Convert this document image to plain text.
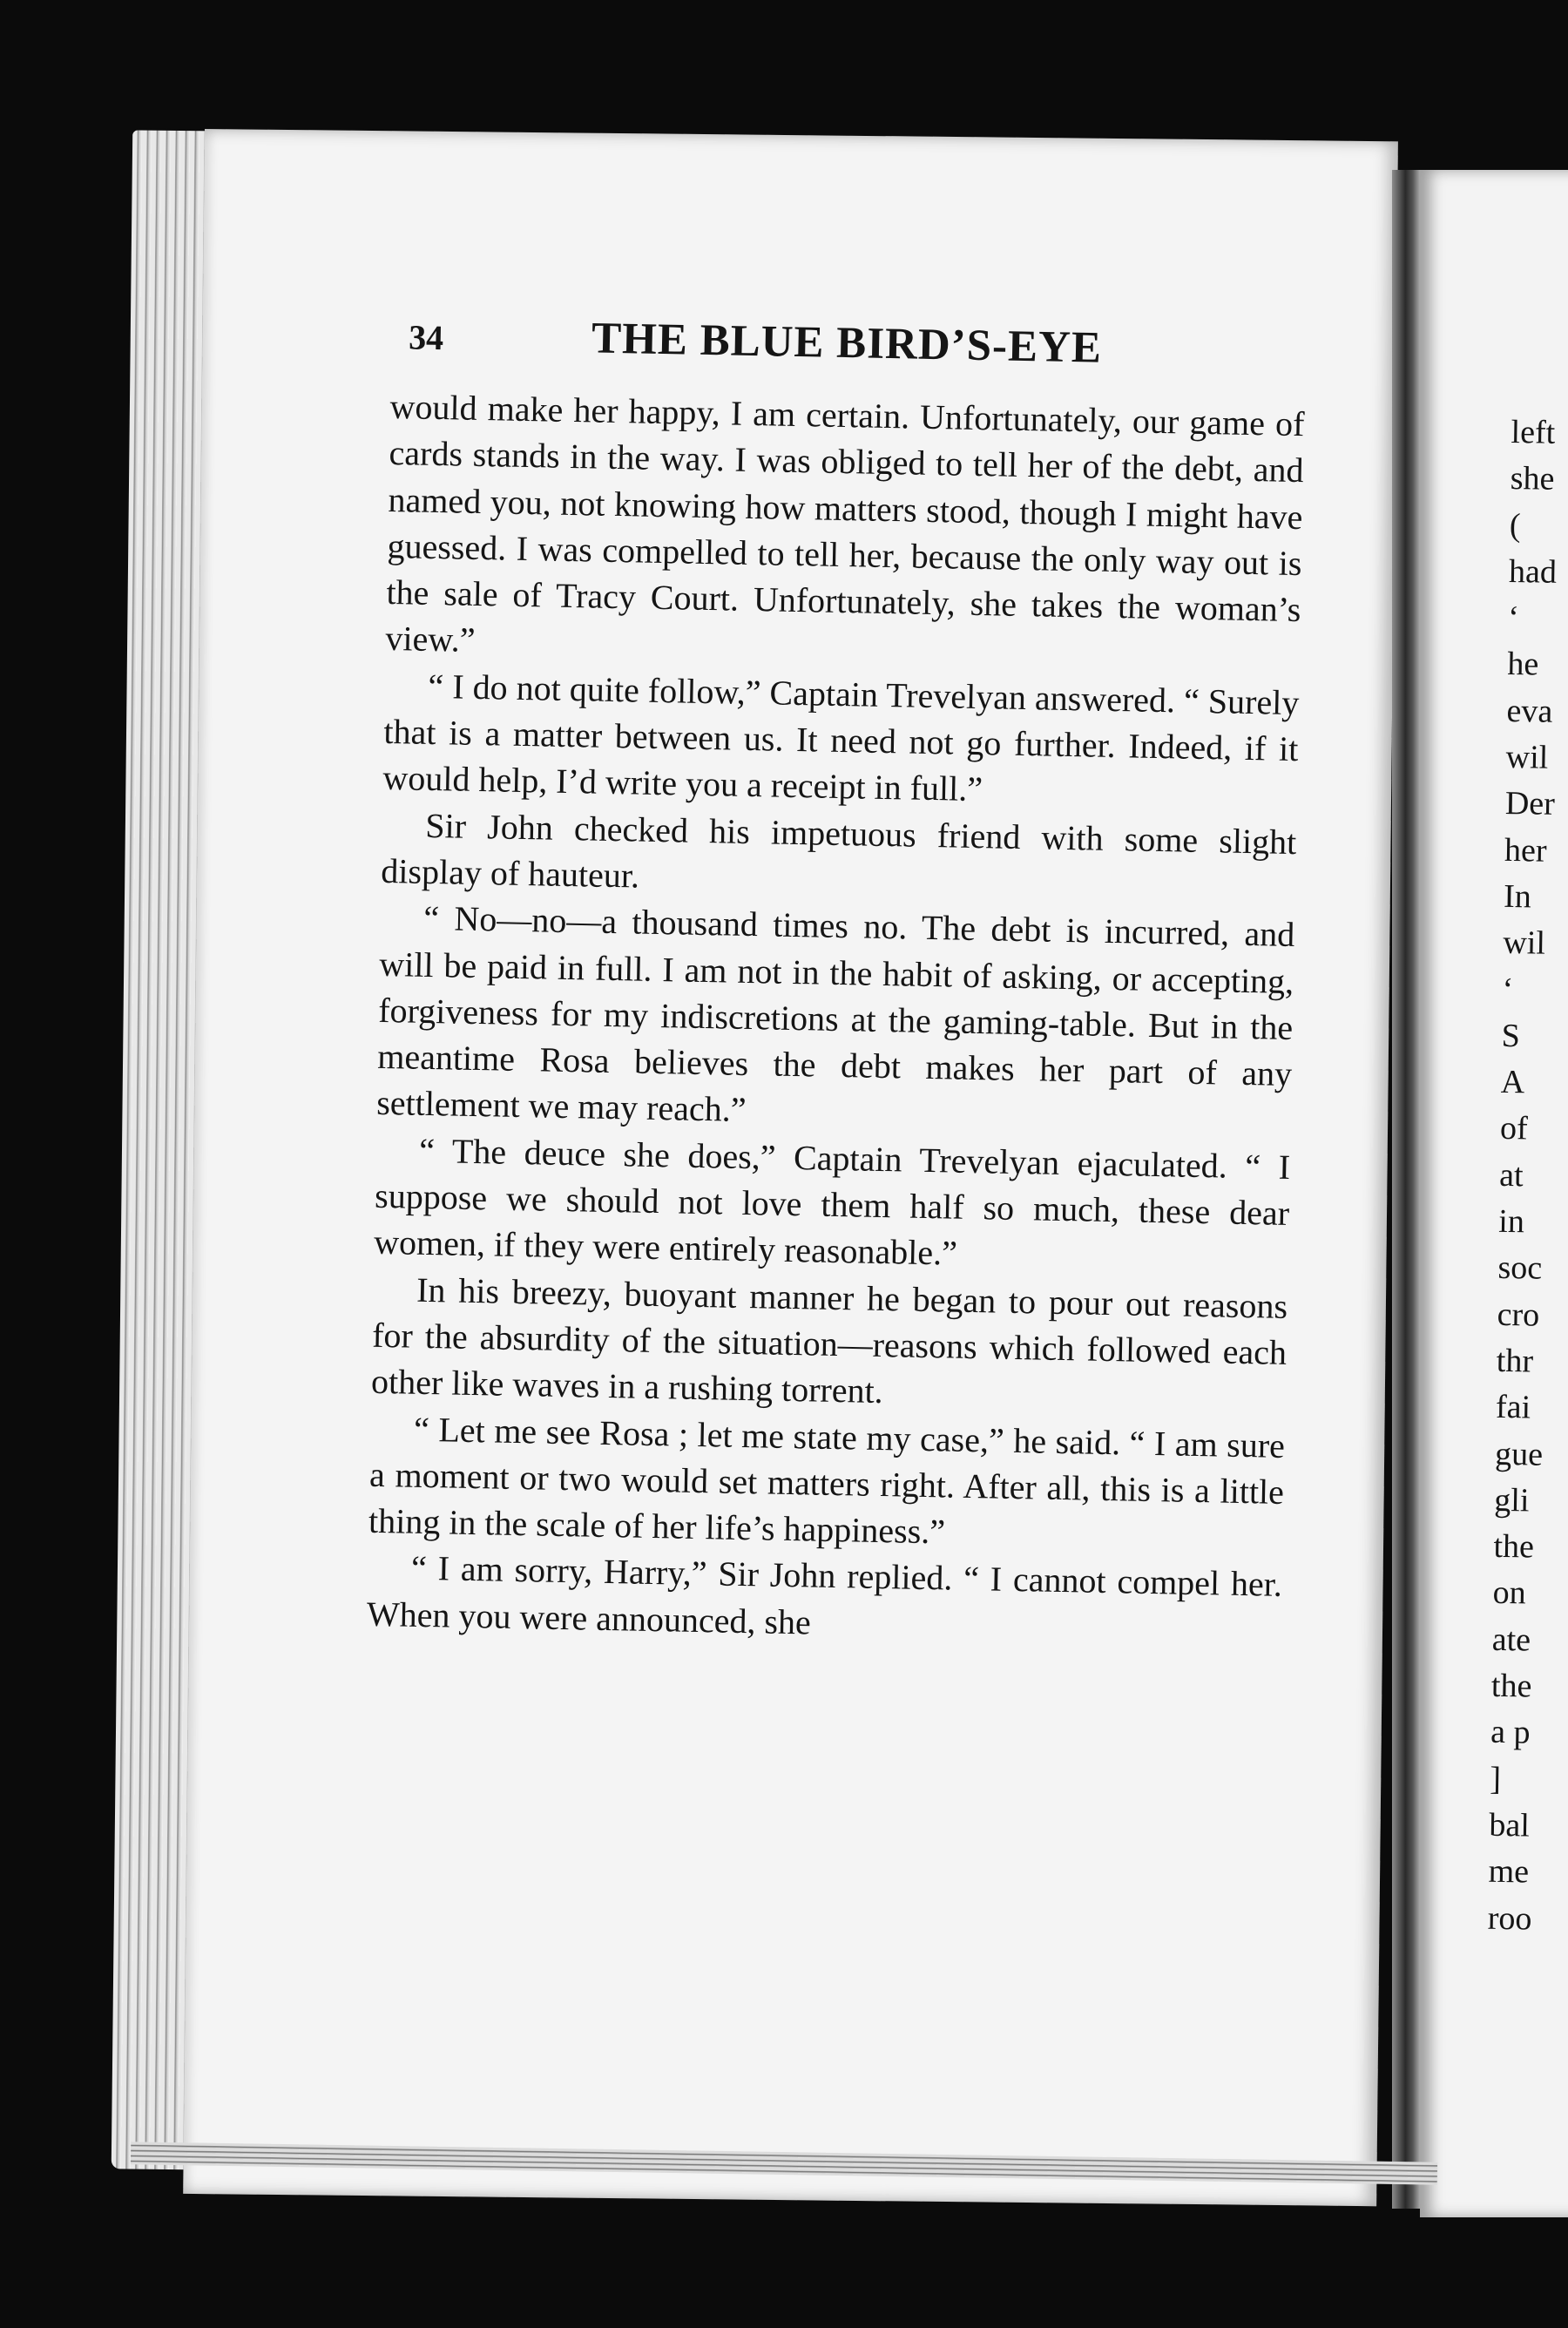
34	THE BLUE BIRD’S-EYE

would make her happy, I am certain. Unfortunately, our game of cards stands in the way. I was obliged to tell her of the debt, and named you, not knowing how matters stood, though I might have guessed. I was compelled to tell her, because the only way out is the sale of Tracy Court. Unfortunately, she takes the woman’s view.”

“ I do not quite follow,” Captain Trevelyan answered. “ Surely that is a matter between us. It need not go further. Indeed, if it would help, I’d write you a receipt in full.”

Sir John checked his impetuous friend with some slight display of hauteur.

“ No—no—a thousand times no. The debt is incurred, and will be paid in full. I am not in the habit of asking, or accepting, forgiveness for my indiscretions at the gaming-table. But in the meantime Rosa believes the debt makes her part of any settlement we may reach.”

“ The deuce she does,” Captain Trevelyan ejaculated. “ I suppose we should not love them half so much, these dear women, if they were entirely reasonable.”

In his breezy, buoyant manner he began to pour out reasons for the absurdity of the situation—reasons which followed each other like waves in a rushing torrent.

“ Let me see Rosa ; let me state my case,” he said. “ I am sure a moment or two would set matters right. After all, this is a little thing in the scale of her life’s happiness.”

“ I am sorry, Harry,” Sir John replied. “ I cannot compel her. When you were announced, she

left
she
(
had
‘
he
eva
wil
Der
her
In
wil
‘
S
A
of
at
in
soc
cro
thr
fai
gue
gli
the
on
ate
the
a p
]
bal
me
roo
